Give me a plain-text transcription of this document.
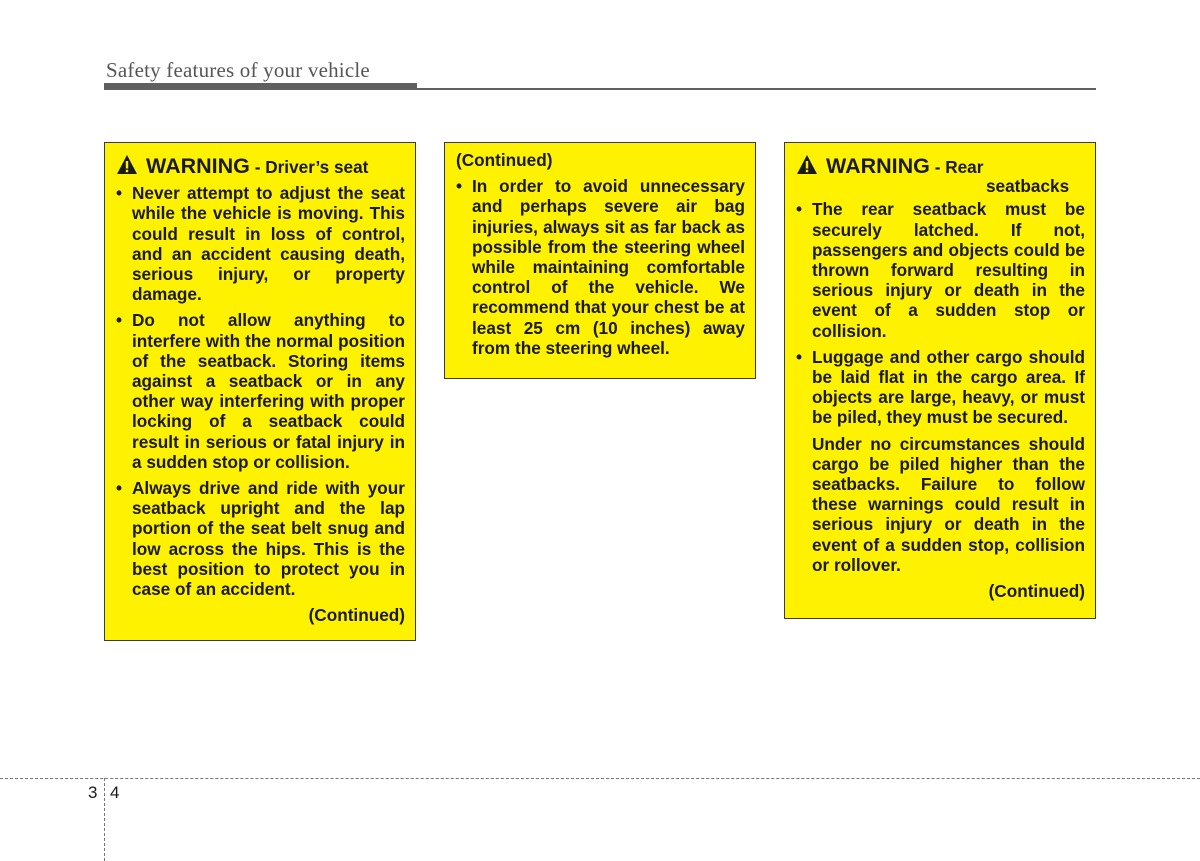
Safety features of your vehicle
WARNING - Driver’s seat
• Never attempt to adjust the seat while the vehicle is moving. This could result in loss of control, and an accident causing death, serious injury, or property damage.
• Do not allow anything to interfere with the normal position of the seatback. Storing items against a seatback or in any other way interfering with proper locking of a seatback could result in serious or fatal injury in a sudden stop or collision.
• Always drive and ride with your seatback upright and the lap portion of the seat belt snug and low across the hips. This is the best position to protect you in case of an accident.
(Continued)
(Continued)
• In order to avoid unnecessary and perhaps severe air bag injuries, always sit as far back as possible from the steering wheel while maintaining comfortable control of the vehicle. We recommend that your chest be at least 25 cm (10 inches) away from the steering wheel.
WARNING - Rear
seatbacks
• The rear seatback must be securely latched. If not, passengers and objects could be thrown forward resulting in serious injury or death in the event of a sudden stop or collision.
• Luggage and other cargo should be laid flat in the cargo area. If objects are large, heavy, or must be piled, they must be secured.

Under no circumstances should cargo be piled higher than the seatbacks. Failure to follow these warnings could result in serious injury or death in the event of a sudden stop, collision or rollover.

(Continued)
3 4
